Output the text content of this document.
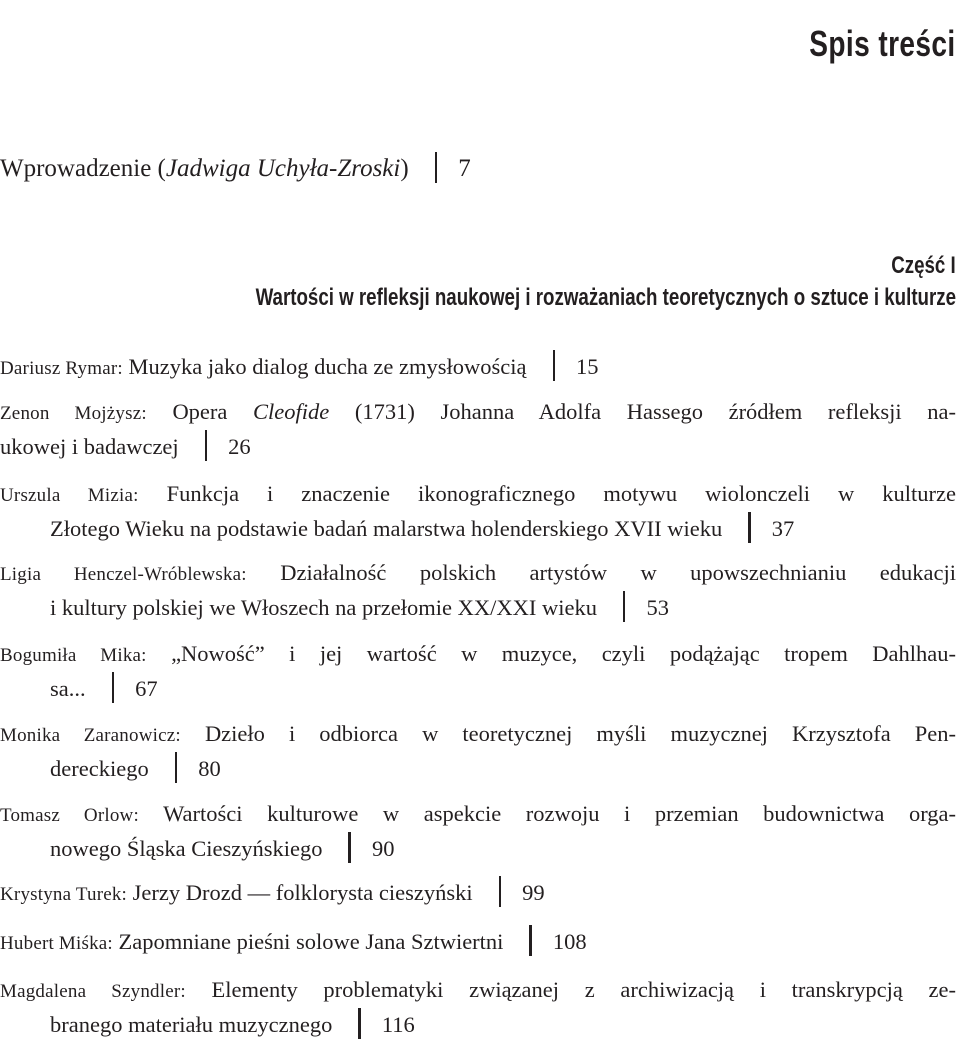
Spis treści
Wprowadzenie (Jadwiga Uchyła-Zroski) 7
Część I
Wartości w refleksji naukowej i rozważaniach teoretycznych o sztuce i kulturze
Dariusz Rymar: Muzyka jako dialog ducha ze zmysłowością 15
Zenon Mojżysz: Opera Cleofide (1731) Johanna Adolfa Hassego źródłem refleksji na-
ukowej i badawczej 26
Urszula Mizia: Funkcja i znaczenie ikonograficznego motywu wiolonczeli w kulturze
Złotego Wieku na podstawie badań malarstwa holenderskiego XVII wieku 37
Ligia Henczel-Wróblewska: Działalność polskich artystów w upowszechnianiu edukacji
i kultury polskiej we Włoszech na przełomie XX/XXI wieku 53
Bogumiła Mika: „Nowość” i jej wartość w muzyce, czyli podążając tropem Dahlhau-
sa... 67
Monika Zaranowicz: Dzieło i odbiorca w teoretycznej myśli muzycznej Krzysztofa Pen-
dereckiego 80
Tomasz Orlow: Wartości kulturowe w aspekcie rozwoju i przemian budownictwa orga-
nowego Śląska Cieszyńskiego 90
Krystyna Turek: Jerzy Drozd — folklorysta cieszyński 99
Hubert Miśka: Zapomniane pieśni solowe Jana Sztwiertni 108
Magdalena Szyndler: Elementy problematyki związanej z archiwizacją i transkrypcją ze-
branego materiału muzycznego 116
